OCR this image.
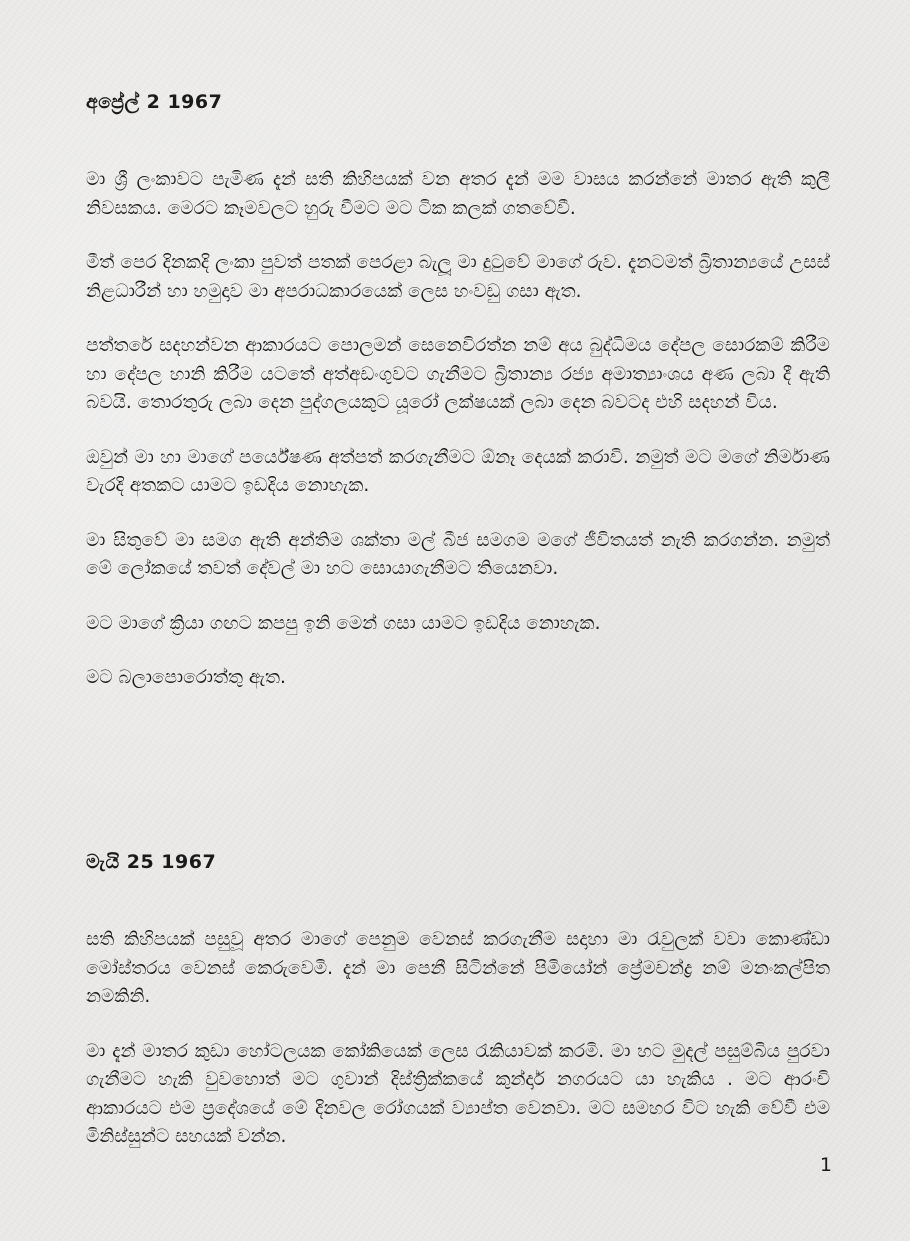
අප්‍රේල් 2 1967

මා ශ්‍රී ලංකාවට පැමිණ දැන් සති කිහිපයක් වන අතර දැන් මම වාසය කරන්නේ මාතර ඇති කුලී නිවසකය. මෙරට කෑමවලට හුරු වීමට මට ටික කලක් ගතවේවී.

මීත් පෙර දිනකදි ලංකා පුවත් පතක් පෙරළා බැලූ මා දුටුවේ මාගේ රුව. දැනටමත් බ්‍රිතාන්‍යයේ උසස් නිළධාරීන් හා හමුදාව මා අපරාධකාරයෙක් ලෙස හංවඩු ගසා ඇත.

පත්තරේ සදහන්වන ආකාරයට පොලමන් සෙනෙවිරත්න නම් අය බුද්ධිමය දේපල සොරකම් කිරීම හා දේපල හානි කිරීම යටතේ අත්අඩංගුවට ගැනීමට බ්‍රිතාන්‍ය රජ්‍ය අමාත්‍යාංශය අණ ලබා දී ඇති බවයි. තොරතුරු ලබා දෙන පුද්ගලයකුට යූරෝ ලක්ෂයක් ලබා දෙන බවටද එහි සදහන් විය.

ඔවුන් මා හා මාගේ පර්යේෂණ අත්පත් කරගැනීමට ඕනෑ දෙයක් කරාවි. නමුත් මට මගේ නිර්මාණ වැරදි අතකට යාමට ඉඩදිය නොහැක.

මා සිතුවේ මා සමග ඇති අන්තිම ශක්තා මල් බීජ සමගම මගේ ජීවිතයත් නැති කරගන්න. නමුත් මේ ලෝකයේ තවත් දේවල් මා හට සොයාගැනීමට තියෙනවා.

මට මාගේ ක්‍රියා ගඟට කපපු ඉනි මෙන් ගසා යාමට ඉඩදිය නොහැක.

මට බලාපොරොත්තු ඇත.

මැයි 25 1967

සති කිහිපයක් පසුවූ අතර මාගේ පෙනුම වෙනස් කරගැනීම සදාහා මා රැවුලක් වවා කොණ්ඩා මෝස්තරය වෙනස් කෙරුවෙමි. දැන් මා පෙනී සිටින්නේ පිමියෝන් ප්‍රේමචන්ද්‍ර නම් මනංකල්පිත නමකිනි.

මා දැන් මාතර කුඩා හෝටලයක කෝකියෙක් ලෙස රැකියාවක් කරමි. මා හට මුදල් පසුම්බිය පුරවා ගැනීමට හැකි වුවහොත් මට ගුවාන් දිස්ත්‍රික්කයේ කුන්දාර් නගරයට යා හැකිය . මට ආරංචි ආකාරයට එම ප්‍රදේශයේ මේ දිනවල රෝගයක් ව්‍යාප්ත වෙනවා. මට සමහර විට හැකි වේවී එම මිනිස්සුන්ට සහයක් වන්න.

1
